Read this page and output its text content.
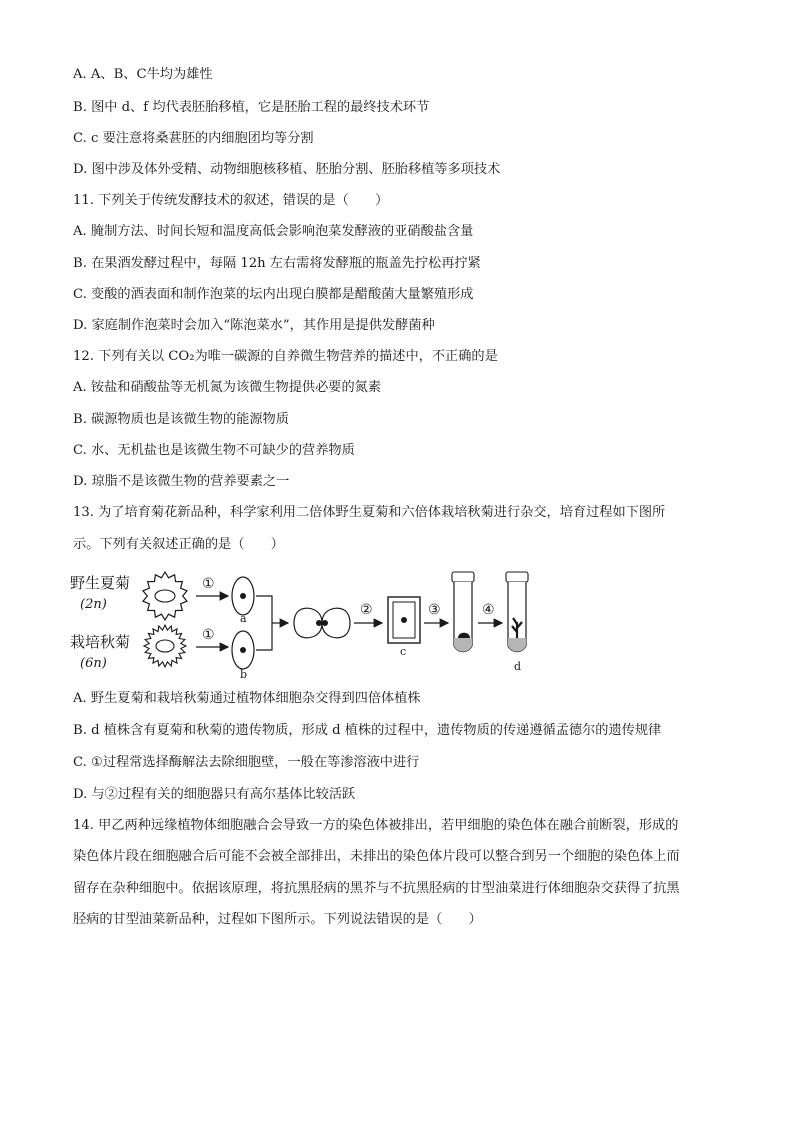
A. A、B、C牛均为雄性
B. 图中 d、f 均代表胚胎移植，它是胚胎工程的最终技术环节
C. c 要注意将桑葚胚的内细胞团均等分割
D. 图中涉及体外受精、动物细胞核移植、胚胎分割、胚胎移植等多项技术
11. 下列关于传统发酵技术的叙述，错误的是（　　）
A. 腌制方法、时间长短和温度高低会影响泡菜发酵液的亚硝酸盐含量
B. 在果酒发酵过程中，每隔 12h 左右需将发酵瓶的瓶盖先拧松再拧紧
C. 变酸的酒表面和制作泡菜的坛内出现白膜都是醋酸菌大量繁殖形成
D. 家庭制作泡菜时会加入“陈泡菜水”，其作用是提供发酵菌种
12. 下列有关以 CO₂为唯一碳源的自养微生物营养的描述中，不正确的是
A. 铵盐和硝酸盐等无机氮为该微生物提供必要的氮素
B. 碳源物质也是该微生物的能源物质
C. 水、无机盐也是该微生物不可缺少的营养物质
D. 琼脂不是该微生物的营养要素之一
13. 为了培育菊花新品种，科学家利用二倍体野生夏菊和六倍体栽培秋菊进行杂交，培育过程如下图所
示。下列有关叙述正确的是（　　）
野生夏菊
(2n)
栽培秋菊
(6n)
①
①
a
b
②
c
③	④
d
A. 野生夏菊和栽培秋菊通过植物体细胞杂交得到四倍体植株
B. d 植株含有夏菊和秋菊的遗传物质，形成 d 植株的过程中，遗传物质的传递遵循孟德尔的遗传规律
C. ①过程常选择酶解法去除细胞壁，一般在等渗溶液中进行
D. 与②过程有关的细胞器只有高尔基体比较活跃
14. 甲乙两种远缘植物体细胞融合会导致一方的染色体被排出，若甲细胞的染色体在融合前断裂，形成的
染色体片段在细胞融合后可能不会被全部排出，未排出的染色体片段可以整合到另一个细胞的染色体上而
留存在杂种细胞中。依据该原理，将抗黑胫病的黑芥与不抗黑胫病的甘型油菜进行体细胞杂交获得了抗黑
胫病的甘型油菜新品种，过程如下图所示。下列说法错误的是（　　）
